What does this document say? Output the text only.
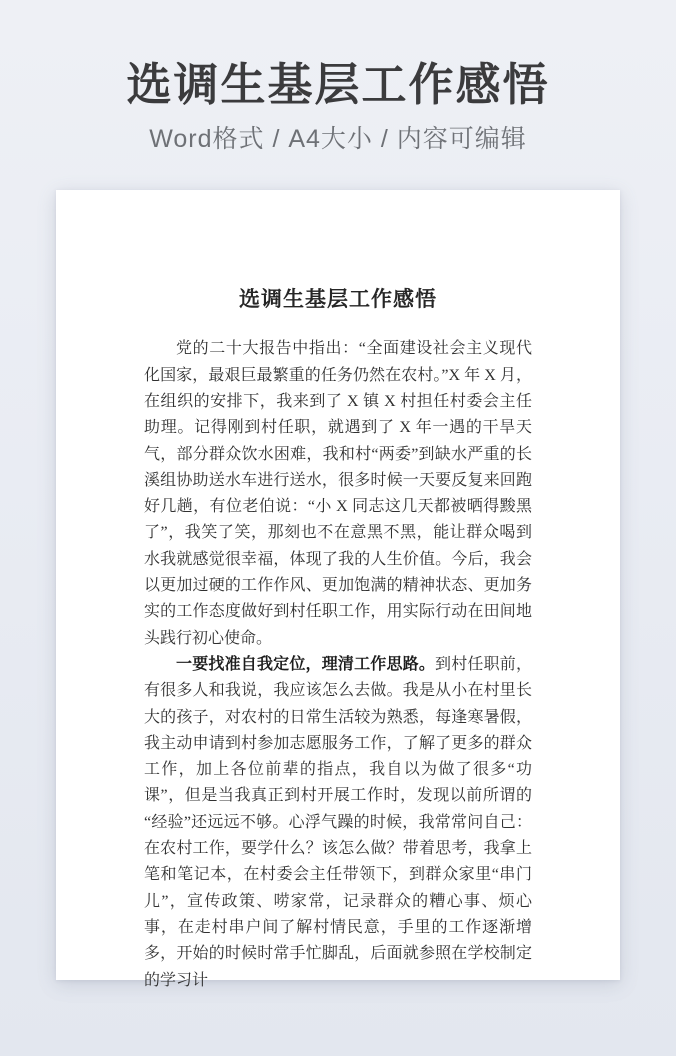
选调生基层工作感悟
Word格式 / A4大小 / 内容可编辑
选调生基层工作感悟

党的二十大报告中指出：“全面建设社会主义现代化国家，最艰巨最繁重的任务仍然在农村。”X 年 X 月，在组织的安排下，我来到了 X 镇 X 村担任村委会主任助理。记得刚到村任职，就遇到了 X 年一遇的干旱天气，部分群众饮水困难，我和村“两委”到缺水严重的长溪组协助送水车进行送水，很多时候一天要反复来回跑好几趟，有位老伯说：“小 X 同志这几天都被晒得黢黑了”，我笑了笑，那刻也不在意黑不黑，能让群众喝到水我就感觉很幸福，体现了我的人生价值。今后，我会以更加过硬的工作作风、更加饱满的精神状态、更加务实的工作态度做好到村任职工作，用实际行动在田间地头践行初心使命。

一要找准自我定位，理清工作思路。到村任职前，有很多人和我说，我应该怎么去做。我是从小在村里长大的孩子，对农村的日常生活较为熟悉，每逢寒暑假，我主动申请到村参加志愿服务工作，了解了更多的群众工作，加上各位前辈的指点，我自以为做了很多“功课”，但是当我真正到村开展工作时，发现以前所谓的“经验”还远远不够。心浮气躁的时候，我常常问自己：在农村工作，要学什么？该怎么做？带着思考，我拿上笔和笔记本，在村委会主任带领下，到群众家里“串门儿”，宣传政策、唠家常，记录群众的糟心事、烦心事，在走村串户间了解村情民意，手里的工作逐渐增多，开始的时候时常手忙脚乱，后面就参照在学校制定的学习计
